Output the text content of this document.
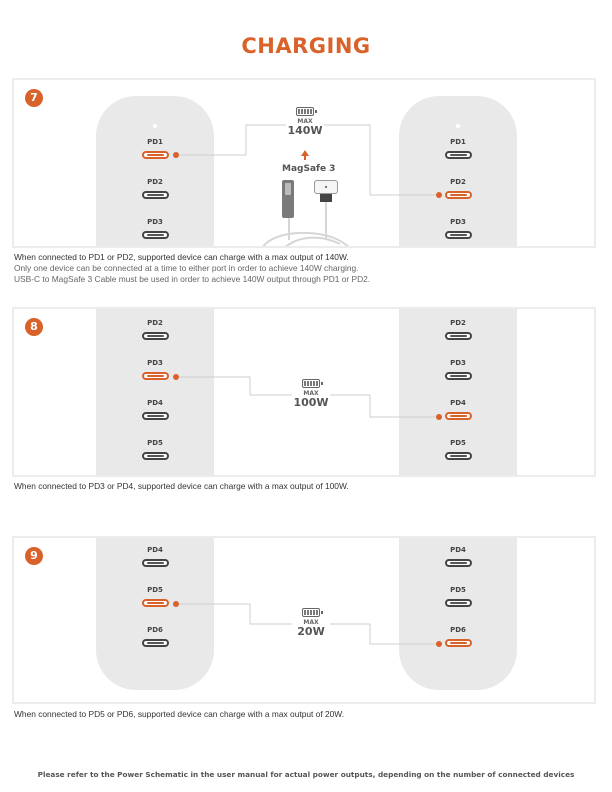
CHARGING
7
PD1
PD2
PD3
PD1
PD2
PD3
MAX
140W
MagSafe 3
When connected to PD1 or PD2, supported device can charge with a max output of 140W.
Only one device can be connected at a time to either port in order to achieve 140W charging.
USB-C to MagSafe 3 Cable must be used in order to achieve 140W output through PD1 or PD2.
8	PD2
PD3
PD4
PD5
PD2
PD3
PD4
PD5
MAX
100W
When connected to PD3 or PD4, supported device can charge with a max output of 100W.
9	PD4
PD5
PD6
PD4
PD5
PD6
MAX
20W
When connected to PD5 or PD6, supported device can charge with a max output of 20W.
Please refer to the Power Schematic in the user manual for actual power outputs, depending on the number of connected devices
